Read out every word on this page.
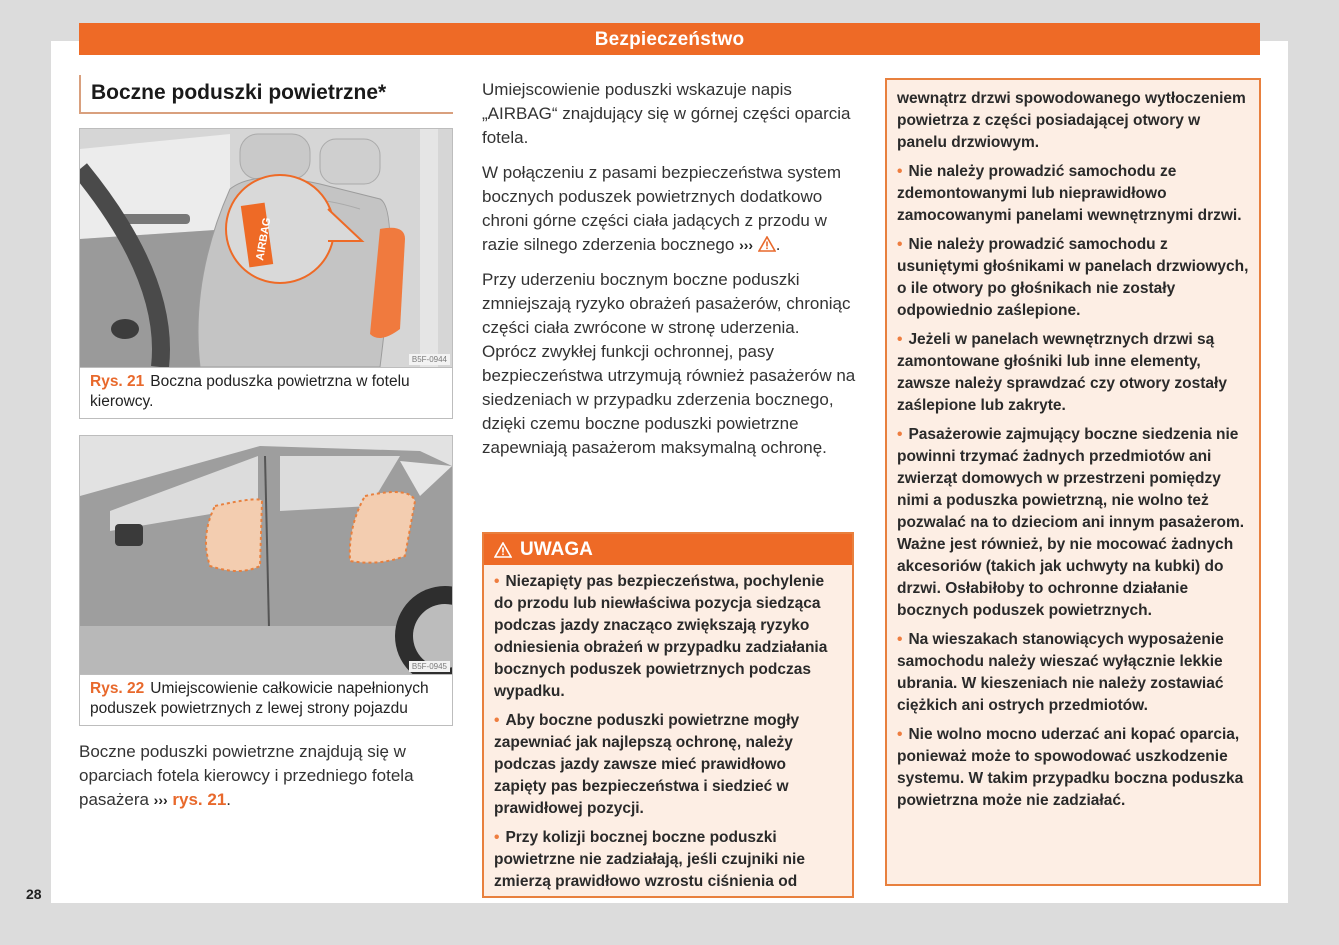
Bezpieczeństwo
Boczne poduszki powietrzne*
AIRBAG
B5F-0944
Rys. 21 Boczna poduszka powietrzna w fotelu kierowcy.
B5F-0945
Rys. 22 Umiejscowienie całkowicie napełnionych poduszek powietrznych z lewej strony pojazdu
Boczne poduszki powietrzne znajdują się w oparciach fotela kierowcy i przedniego fotela pasażera ››› rys. 21.

Umiejscowienie poduszki wskazuje napis „AIRBAG“ znajdujący się w górnej części oparcia fotela.

W połączeniu z pasami bezpieczeństwa system bocznych poduszek powietrznych dodatkowo chroni górne części ciała jadących z przodu w razie silnego zderzenia bocznego ››› .

Przy uderzeniu bocznym boczne poduszki zmniejszają ryzyko obrażeń pasażerów, chroniąc części ciała zwrócone w stronę uderzenia. Oprócz zwykłej funkcji ochronnej, pasy bezpieczeństwa utrzymują również pasażerów na siedzeniach w przypadku zderzenia bocznego, dzięki czemu boczne poduszki powietrzne zapewniają pasażerom maksymalną ochronę.

UWAGA
• Niezapięty pas bezpieczeństwa, pochylenie do przodu lub niewłaściwa pozycja siedząca podczas jazdy znacząco zwiększają ryzyko odniesienia obrażeń w przypadku zadziałania bocznych poduszek powietrznych podczas wypadku.
• Aby boczne poduszki powietrzne mogły zapewniać jak najlepszą ochronę, należy podczas jazdy zawsze mieć prawidłowo zapięty pas bezpieczeństwa i siedzieć w prawidłowej pozycji.
• Przy kolizji bocznej boczne poduszki powietrzne nie zadziałają, jeśli czujniki nie zmierzą prawidłowo wzrostu ciśnienia od
wewnątrz drzwi spowodowanego wytłoczeniem powietrza z części posiadającej otwory w panelu drzwiowym.
• Nie należy prowadzić samochodu ze zdemontowanymi lub nieprawidłowo zamocowanymi panelami wewnętrznymi drzwi.
• Nie należy prowadzić samochodu z usuniętymi głośnikami w panelach drzwiowych, o ile otwory po głośnikach nie zostały odpowiednio zaślepione.
• Jeżeli w panelach wewnętrznych drzwi są zamontowane głośniki lub inne elementy, zawsze należy sprawdzać czy otwory zostały zaślepione lub zakryte.
• Pasażerowie zajmujący boczne siedzenia nie powinni trzymać żadnych przedmiotów ani zwierząt domowych w przestrzeni pomiędzy nimi a poduszka powietrzną, nie wolno też pozwalać na to dzieciom ani innym pasażerom. Ważne jest również, by nie mocować żadnych akcesoriów (takich jak uchwyty na kubki) do drzwi. Osłabiłoby to ochronne działanie bocznych poduszek powietrznych.
• Na wieszakach stanowiących wyposażenie samochodu należy wieszać wyłącznie lekkie ubrania. W kieszeniach nie należy zostawiać ciężkich ani ostrych przedmiotów.
• Nie wolno mocno uderzać ani kopać oparcia, ponieważ może to spowodować uszkodzenie systemu. W takim przypadku boczna poduszka powietrzna może nie zadziałać.
28
